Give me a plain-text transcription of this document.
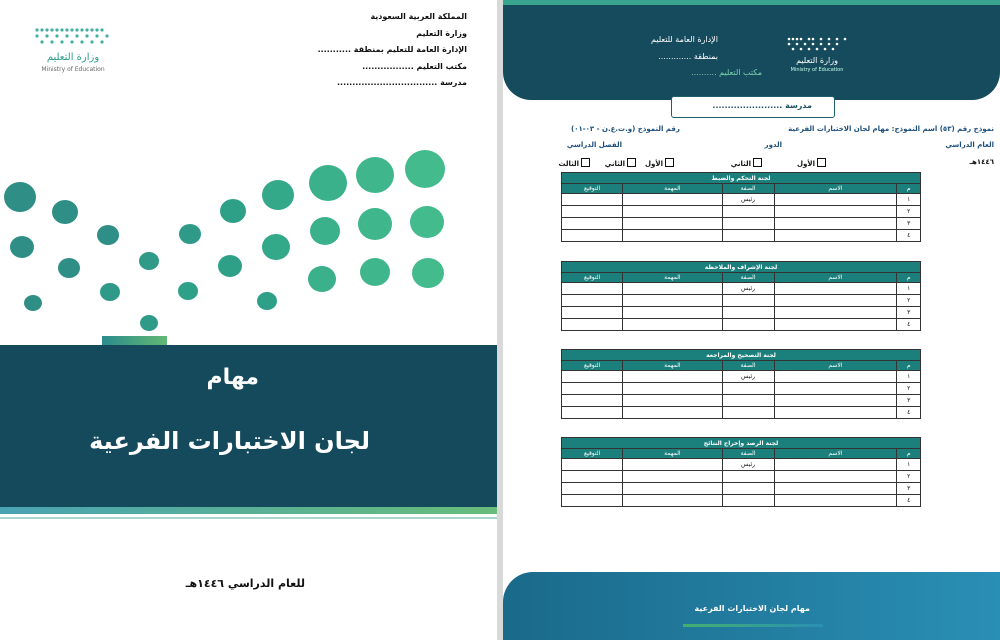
وزارة التعليم
Ministry of Education
المملكة العربية السعودية
وزارة التعليم
الإدارة العامة للتعليم بمنطقة ...........
مكتب التعليم .................
مدرسة .................................
مهام
لجان الاختبارات الفرعية
للعام الدراسي ١٤٤٦هـ
الإدارة العامة للتعليم
بمنطقة .............
مكتب التعليم ..........
وزارة التعليم
Ministry of Education
مدرسة .......................
نموذج رقم (٥٣) اسم النموذج: مهام لجان الاختبارات الفرعية
رقم النموذج (و.ت.ع.ن - ٠٣-٠١)
العام الدراسي
الدور
الفصل الدراسي
١٤٤٦هـ
الأول
الثاني
الأول
الثاني
الثالث
لجنة التحكم والضبط				
م	الاسم	الصفة	المهمة	التوقيع
١		رئيس		
٢				
٣				
٤				
لجنة الإشراف والملاحظة				
م	الاسم	الصفة	المهمة	التوقيع
١		رئيس		
٢				
٣				
٤				
لجنة التصحيح والمراجعة				
م	الاسم	الصفة	المهمة	التوقيع
١		رئيس		
٢				
٣				
٤				
لجنة الرصد وإخراج النتائج				
م	الاسم	الصفة	المهمة	التوقيع
١		رئيس		
٢				
٣				
٤				
مهام لجان الاختبارات الفرعية
